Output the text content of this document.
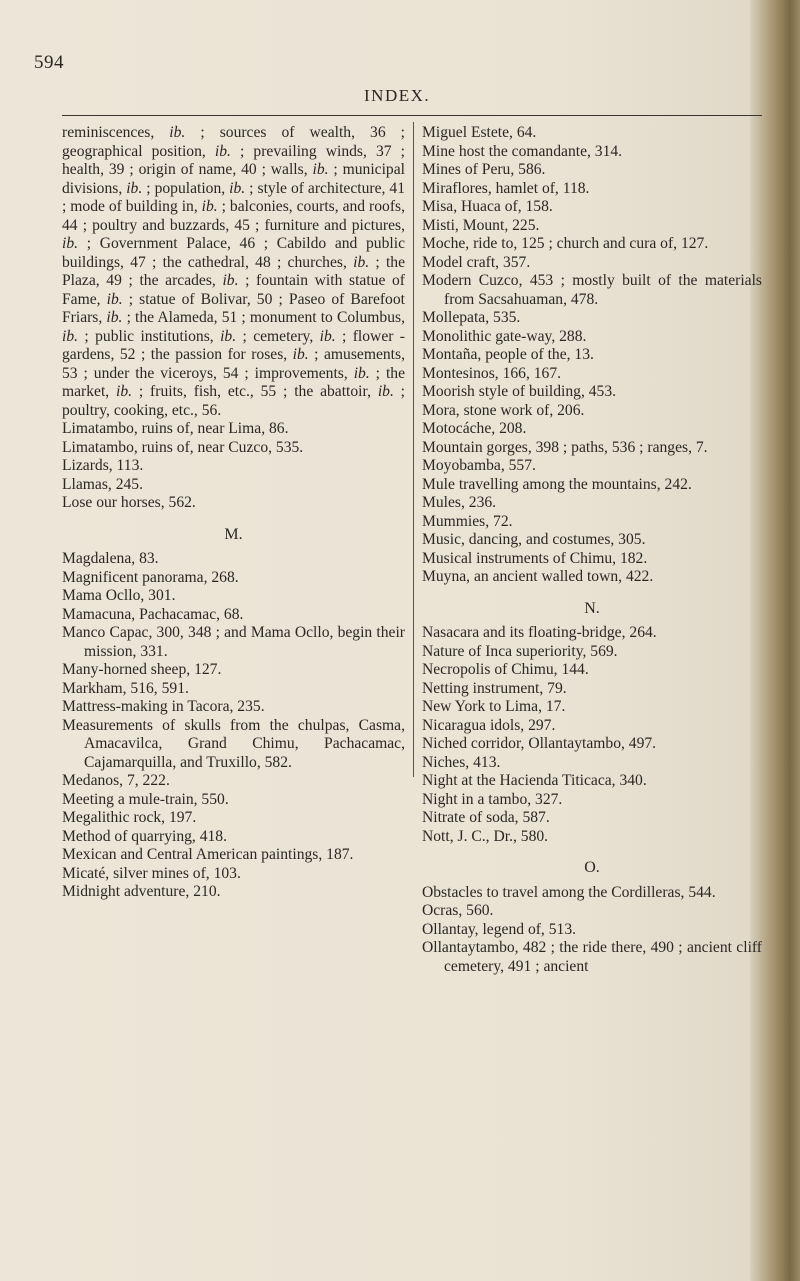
594
INDEX.
reminiscences, ib. ; sources of wealth, 36 ; geographical position, ib. ; prevailing winds, 37 ; health, 39 ; origin of name, 40 ; walls, ib. ; municipal divisions, ib. ; population, ib. ; style of architecture, 41 ; mode of building in, ib. ; balconies, courts, and roofs, 44 ; poultry and buzzards, 45 ; furniture and pictures, ib. ; Government Palace, 46 ; Cabildo and public buildings, 47 ; the cathedral, 48 ; churches, ib. ; the Plaza, 49 ; the arcades, ib. ; fountain with statue of Fame, ib. ; statue of Bolivar, 50 ; Paseo of Barefoot Friars, ib. ; the Alameda, 51 ; monument to Columbus, ib. ; public institutions, ib. ; cemetery, ib. ; flower - gardens, 52 ; the passion for roses, ib. ; amusements, 53 ; under the viceroys, 54 ; improvements, ib. ; the market, ib. ; fruits, fish, etc., 55 ; the abattoir, ib. ; poultry, cooking, etc., 56.
Limatambo, ruins of, near Lima, 86.
Limatambo, ruins of, near Cuzco, 535.
Lizards, 113.
Llamas, 245.
Lose our horses, 562.
M.
Magdalena, 83.
Magnificent panorama, 268.
Mama Ocllo, 301.
Mamacuna, Pachacamac, 68.
Manco Capac, 300, 348 ; and Mama Ocllo, begin their mission, 331.
Many-horned sheep, 127.
Markham, 516, 591.
Mattress-making in Tacora, 235.
Measurements of skulls from the chulpas, Casma, Amacavilca, Grand Chimu, Pachacamac, Cajamarquilla, and Truxillo, 582.
Medanos, 7, 222.
Meeting a mule-train, 550.
Megalithic rock, 197.
Method of quarrying, 418.
Mexican and Central American paintings, 187.
Micaté, silver mines of, 103.
Midnight adventure, 210.
Miguel Estete, 64.
Mine host the comandante, 314.
Mines of Peru, 586.
Miraflores, hamlet of, 118.
Misa, Huaca of, 158.
Misti, Mount, 225.
Moche, ride to, 125 ; church and cura of, 127.
Model craft, 357.
Modern Cuzco, 453 ; mostly built of the materials from Sacsahuaman, 478.
Mollepata, 535.
Monolithic gate-way, 288.
Montaña, people of the, 13.
Montesinos, 166, 167.
Moorish style of building, 453.
Mora, stone work of, 206.
Motocáche, 208.
Mountain gorges, 398 ; paths, 536 ; ranges, 7.
Moyobamba, 557.
Mule travelling among the mountains, 242.
Mules, 236.
Mummies, 72.
Music, dancing, and costumes, 305.
Musical instruments of Chimu, 182.
Muyna, an ancient walled town, 422.
N.
Nasacara and its floating-bridge, 264.
Nature of Inca superiority, 569.
Necropolis of Chimu, 144.
Netting instrument, 79.
New York to Lima, 17.
Nicaragua idols, 297.
Niched corridor, Ollantaytambo, 497.
Niches, 413.
Night at the Hacienda Titicaca, 340.
Night in a tambo, 327.
Nitrate of soda, 587.
Nott, J. C., Dr., 580.
O.
Obstacles to travel among the Cordilleras, 544.
Ocras, 560.
Ollantay, legend of, 513.
Ollantaytambo, 482 ; the ride there, 490 ; ancient cliff cemetery, 491 ; ancient
